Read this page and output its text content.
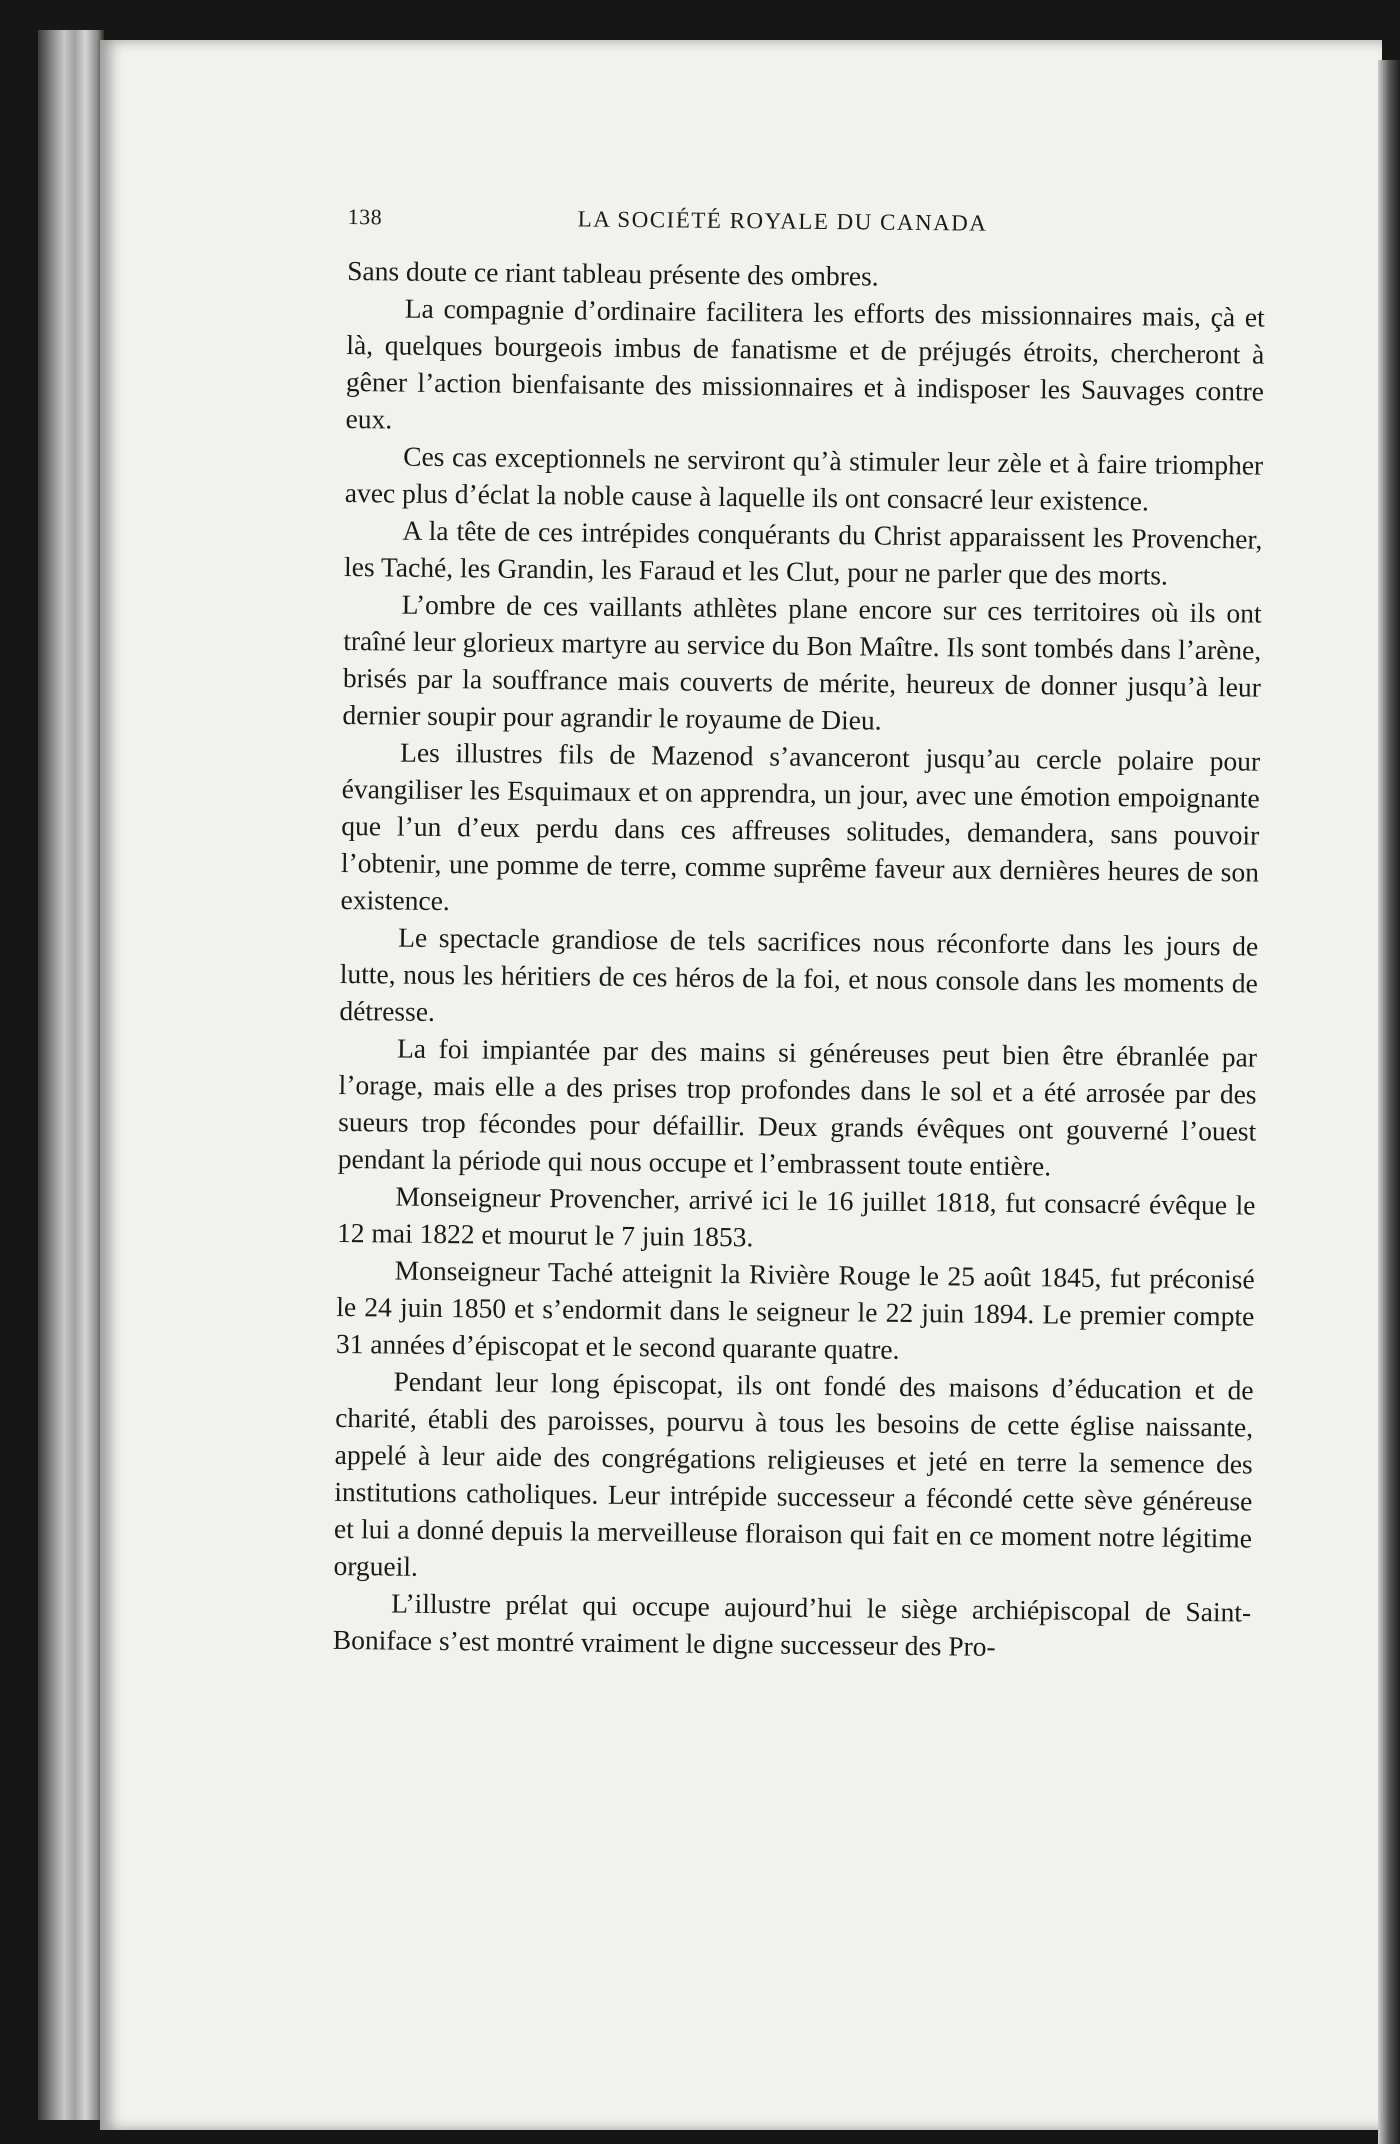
138	LA SOCIÉTÉ ROYALE DU CANADA

Sans doute ce riant tableau présente des ombres.

La compagnie d’ordinaire facilitera les efforts des missionnaires mais, çà et là, quelques bourgeois imbus de fanatisme et de préjugés étroits, chercheront à gêner l’action bienfaisante des missionnaires et à indisposer les Sauvages contre eux.

Ces cas exceptionnels ne serviront qu’à stimuler leur zèle et à faire triompher avec plus d’éclat la noble cause à laquelle ils ont consacré leur existence.

A la tête de ces intrépides conquérants du Christ apparaissent les Provencher, les Taché, les Grandin, les Faraud et les Clut, pour ne parler que des morts.

L’ombre de ces vaillants athlètes plane encore sur ces territoires où ils ont traîné leur glorieux martyre au service du Bon Maître. Ils sont tombés dans l’arène, brisés par la souffrance mais couverts de mérite, heureux de donner jusqu’à leur dernier soupir pour agrandir le royaume de Dieu.

Les illustres fils de Mazenod s’avanceront jusqu’au cercle polaire pour évangiliser les Esquimaux et on apprendra, un jour, avec une émotion empoignante que l’un d’eux perdu dans ces affreuses solitudes, demandera, sans pouvoir l’obtenir, une pomme de terre, comme suprême faveur aux dernières heures de son existence.

Le spectacle grandiose de tels sacrifices nous réconforte dans les jours de lutte, nous les héritiers de ces héros de la foi, et nous console dans les moments de détresse.

La foi impiantée par des mains si généreuses peut bien être ébranlée par l’orage, mais elle a des prises trop profondes dans le sol et a été arrosée par des sueurs trop fécondes pour défaillir. Deux grands évêques ont gouverné l’ouest pendant la période qui nous occupe et l’embrassent toute entière.

Monseigneur Provencher, arrivé ici le 16 juillet 1818, fut consacré évêque le 12 mai 1822 et mourut le 7 juin 1853.

Monseigneur Taché atteignit la Rivière Rouge le 25 août 1845, fut préconisé le 24 juin 1850 et s’endormit dans le seigneur le 22 juin 1894. Le premier compte 31 années d’épiscopat et le second quarante quatre.

Pendant leur long épiscopat, ils ont fondé des maisons d’éducation et de charité, établi des paroisses, pourvu à tous les besoins de cette église naissante, appelé à leur aide des congrégations religieuses et jeté en terre la semence des institutions catholiques. Leur intrépide successeur a fécondé cette sève généreuse et lui a donné depuis la merveilleuse floraison qui fait en ce moment notre légitime orgueil.

L’illustre prélat qui occupe aujourd’hui le siège archiépiscopal de Saint-Boniface s’est montré vraiment le digne successeur des Pro-
